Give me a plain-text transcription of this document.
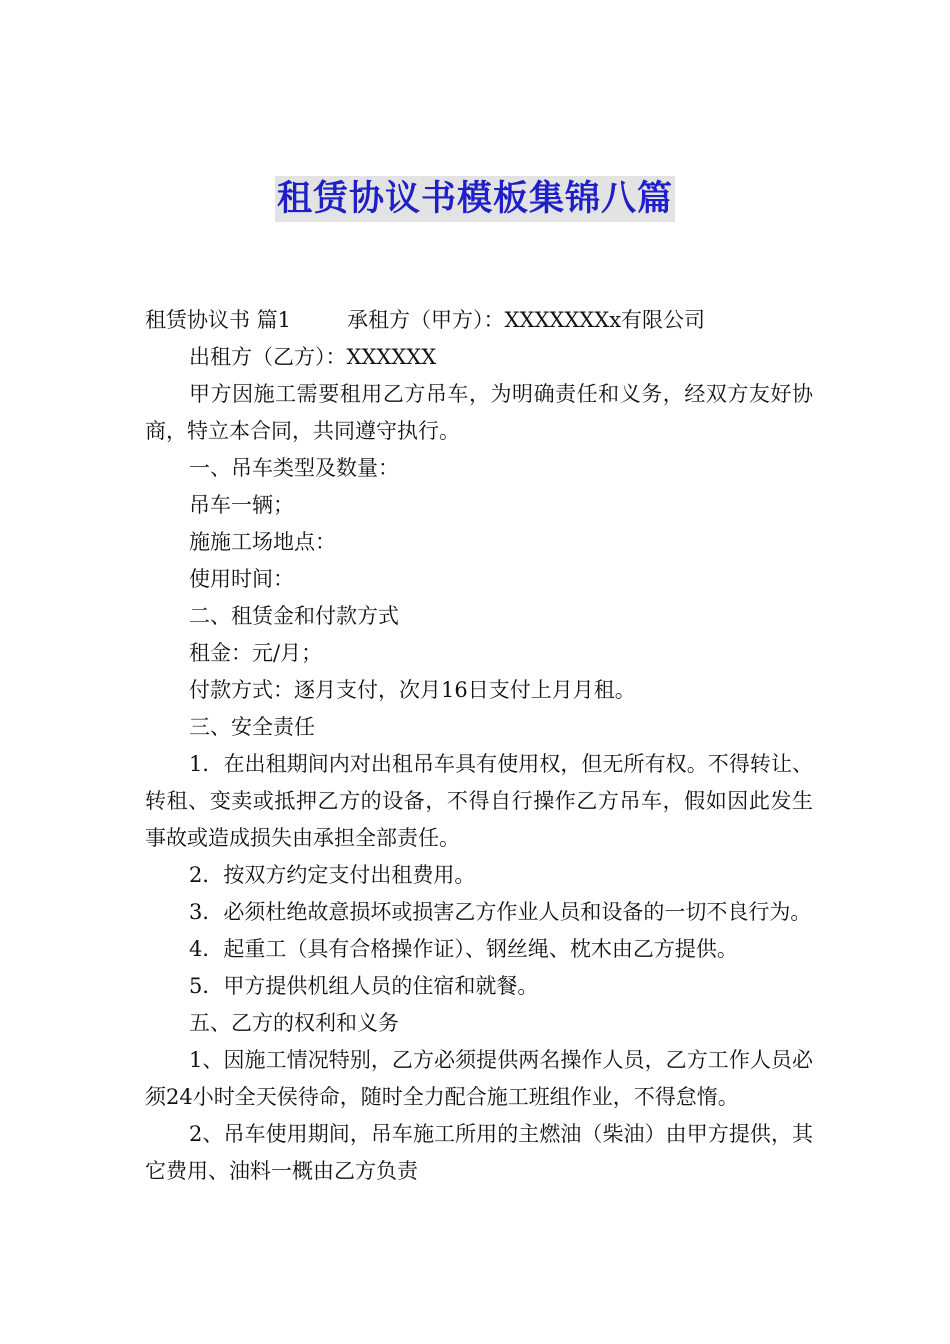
租赁协议书模板集锦八篇

租赁协议书 篇1	承租方（甲方）：XXXXXXXx有限公司

出租方（乙方）：XXXXXX

甲方因施工需要租用乙方吊车，为明确责任和义务，经双方友好协商，特立本合同，共同遵守执行。

一、吊车类型及数量：

吊车一辆；

施施工场地点：

使用时间：

二、租赁金和付款方式

租金：元/月；

付款方式：逐月支付，次月16日支付上月月租。

三、安全责任

1．在出租期间内对出租吊车具有使用权，但无所有权。不得转让、转租、变卖或抵押乙方的设备，不得自行操作乙方吊车，假如因此发生事故或造成损失由承担全部责任。

2．按双方约定支付出租费用。

3．必须杜绝故意损坏或损害乙方作业人员和设备的一切不良行为。

4．起重工（具有合格操作证）、钢丝绳、枕木由乙方提供。

5．甲方提供机组人员的住宿和就餐。

五、乙方的权利和义务

1、因施工情况特别，乙方必须提供两名操作人员，乙方工作人员必须24小时全天侯待命，随时全力配合施工班组作业，不得怠惰。

2、吊车使用期间，吊车施工所用的主燃油（柴油）由甲方提供，其它费用、油料一概由乙方负责
